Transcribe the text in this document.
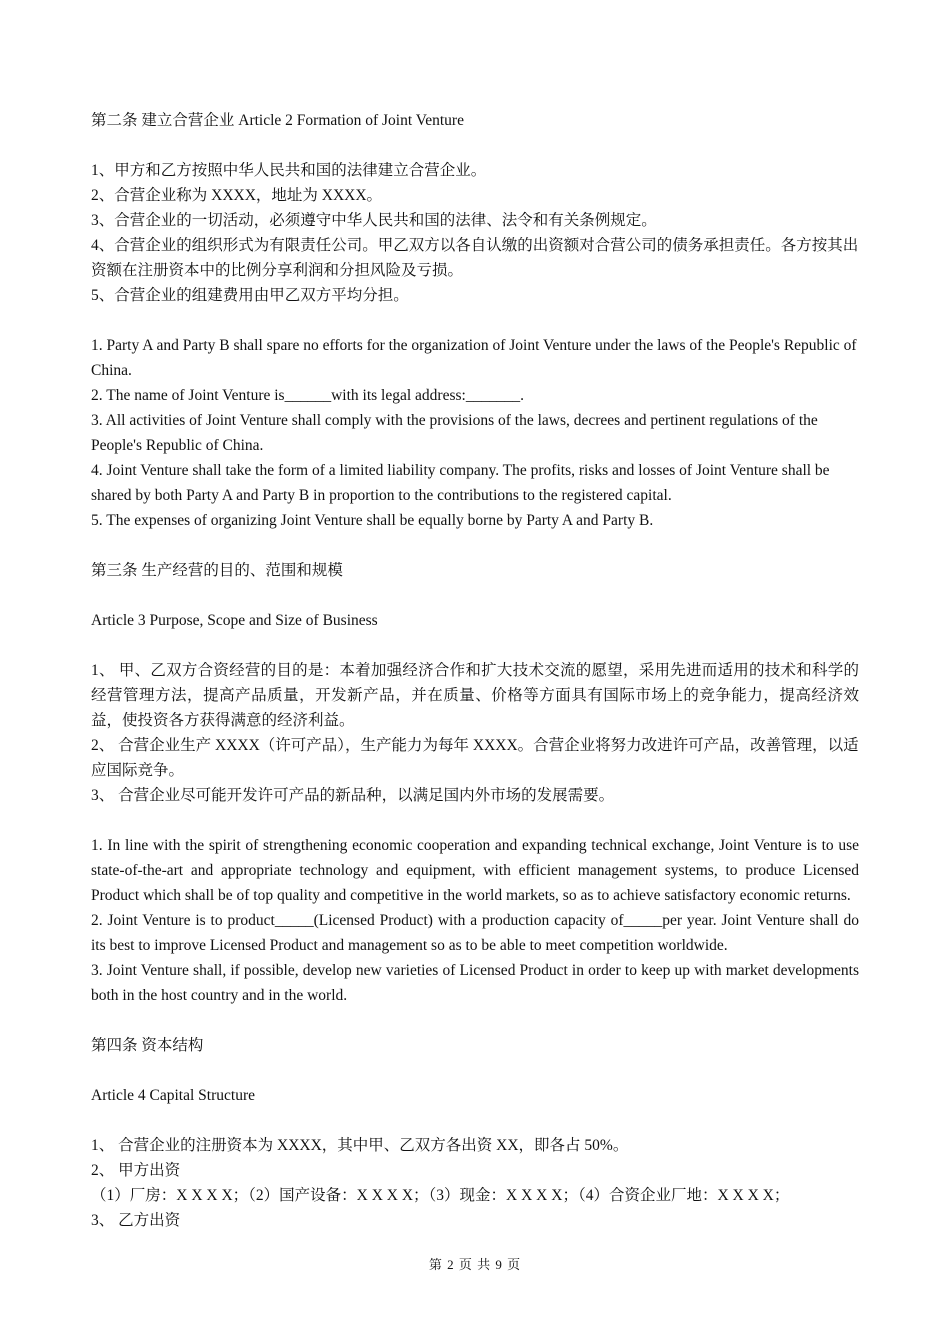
第二条 建立合营企业 Article 2 Formation of Joint Venture

1、甲方和乙方按照中华人民共和国的法律建立合营企业。

2、合营企业称为 XXXX，地址为 XXXX。

3、合营企业的一切活动，必须遵守中华人民共和国的法律、法令和有关条例规定。

4、合营企业的组织形式为有限责任公司。甲乙双方以各自认缴的出资额对合营公司的债务承担责任。各方按其出资额在注册资本中的比例分享利润和分担风险及亏损。

5、合营企业的组建费用由甲乙双方平均分担。

1. Party A and Party B shall spare no efforts for the organization of Joint Venture under the laws of the People's Republic of China.

2. The name of Joint Venture is______with its legal address:_______.

3. All activities of Joint Venture shall comply with the provisions of the laws, decrees and pertinent regulations of the People's Republic of China.

4. Joint Venture shall take the form of a limited liability company. The profits, risks and losses of Joint Venture shall be shared by both Party A and Party B in proportion to the contributions to the registered capital.

5. The expenses of organizing Joint Venture shall be equally borne by Party A and Party B.

第三条 生产经营的目的、范围和规模

Article 3 Purpose, Scope and Size of Business

1、 甲、乙双方合资经营的目的是：本着加强经济合作和扩大技术交流的愿望，采用先进而适用的技术和科学的经营管理方法，提高产品质量，开发新产品，并在质量、价格等方面具有国际市场上的竞争能力，提高经济效益，使投资各方获得满意的经济利益。

2、 合营企业生产 XXXX（许可产品），生产能力为每年 XXXX。合营企业将努力改进许可产品，改善管理，以适应国际竞争。

3、 合营企业尽可能开发许可产品的新品种，以满足国内外市场的发展需要。

1. In line with the spirit of strengthening economic cooperation and expanding technical exchange, Joint Venture is to use state-of-the-art and appropriate technology and equipment, with efficient management systems, to produce Licensed Product which shall be of top quality and competitive in the world markets, so as to achieve satisfactory economic returns.

2. Joint Venture is to product_____(Licensed Product) with a production capacity of_____per year. Joint Venture shall do its best to improve Licensed Product and management so as to be able to meet competition worldwide.

3. Joint Venture shall, if possible, develop new varieties of Licensed Product in order to keep up with market developments both in the host country and in the world.

第四条 资本结构

Article 4 Capital Structure

1、 合营企业的注册资本为 XXXX，其中甲、乙双方各出资 XX，即各占 50%。

2、 甲方出资

（1）厂房：X X X X；（2）国产设备：X X X X；（3）现金：X X X X；（4）合资企业厂地：X X X X；

3、 乙方出资

第 2 页 共 9 页
